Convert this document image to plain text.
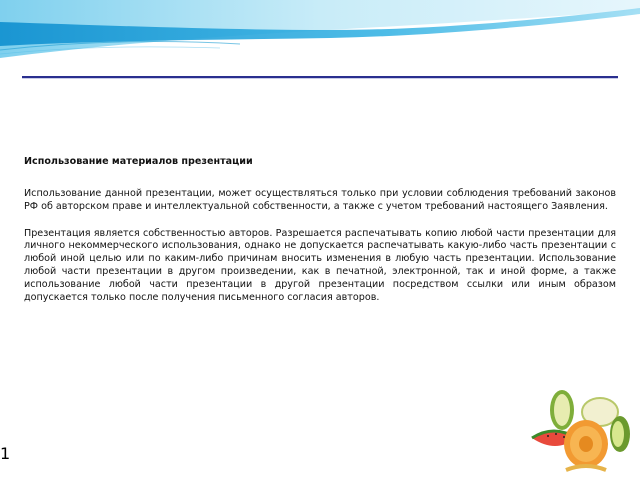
Использование материалов презентации

Использование данной презентации, может осуществляться только при условии соблюдения требований законов РФ об авторском праве и интеллектуальной собственности, а также с учетом требований настоящего Заявления.

Презентация является собственностью авторов. Разрешается распечатывать копию любой части презентации для личного некоммерческого использования, однако не допускается распечатывать какую-либо часть презентации с любой иной целью или по каким-либо причинам вносить изменения в любую часть презентации. Использование любой части презентации в другом произведении, как в печатной, электронной, так и иной форме, а также использование любой части презентации в другой презентации посредством ссылки или иным образом допускается только после получения письменного согласия авторов.

1
